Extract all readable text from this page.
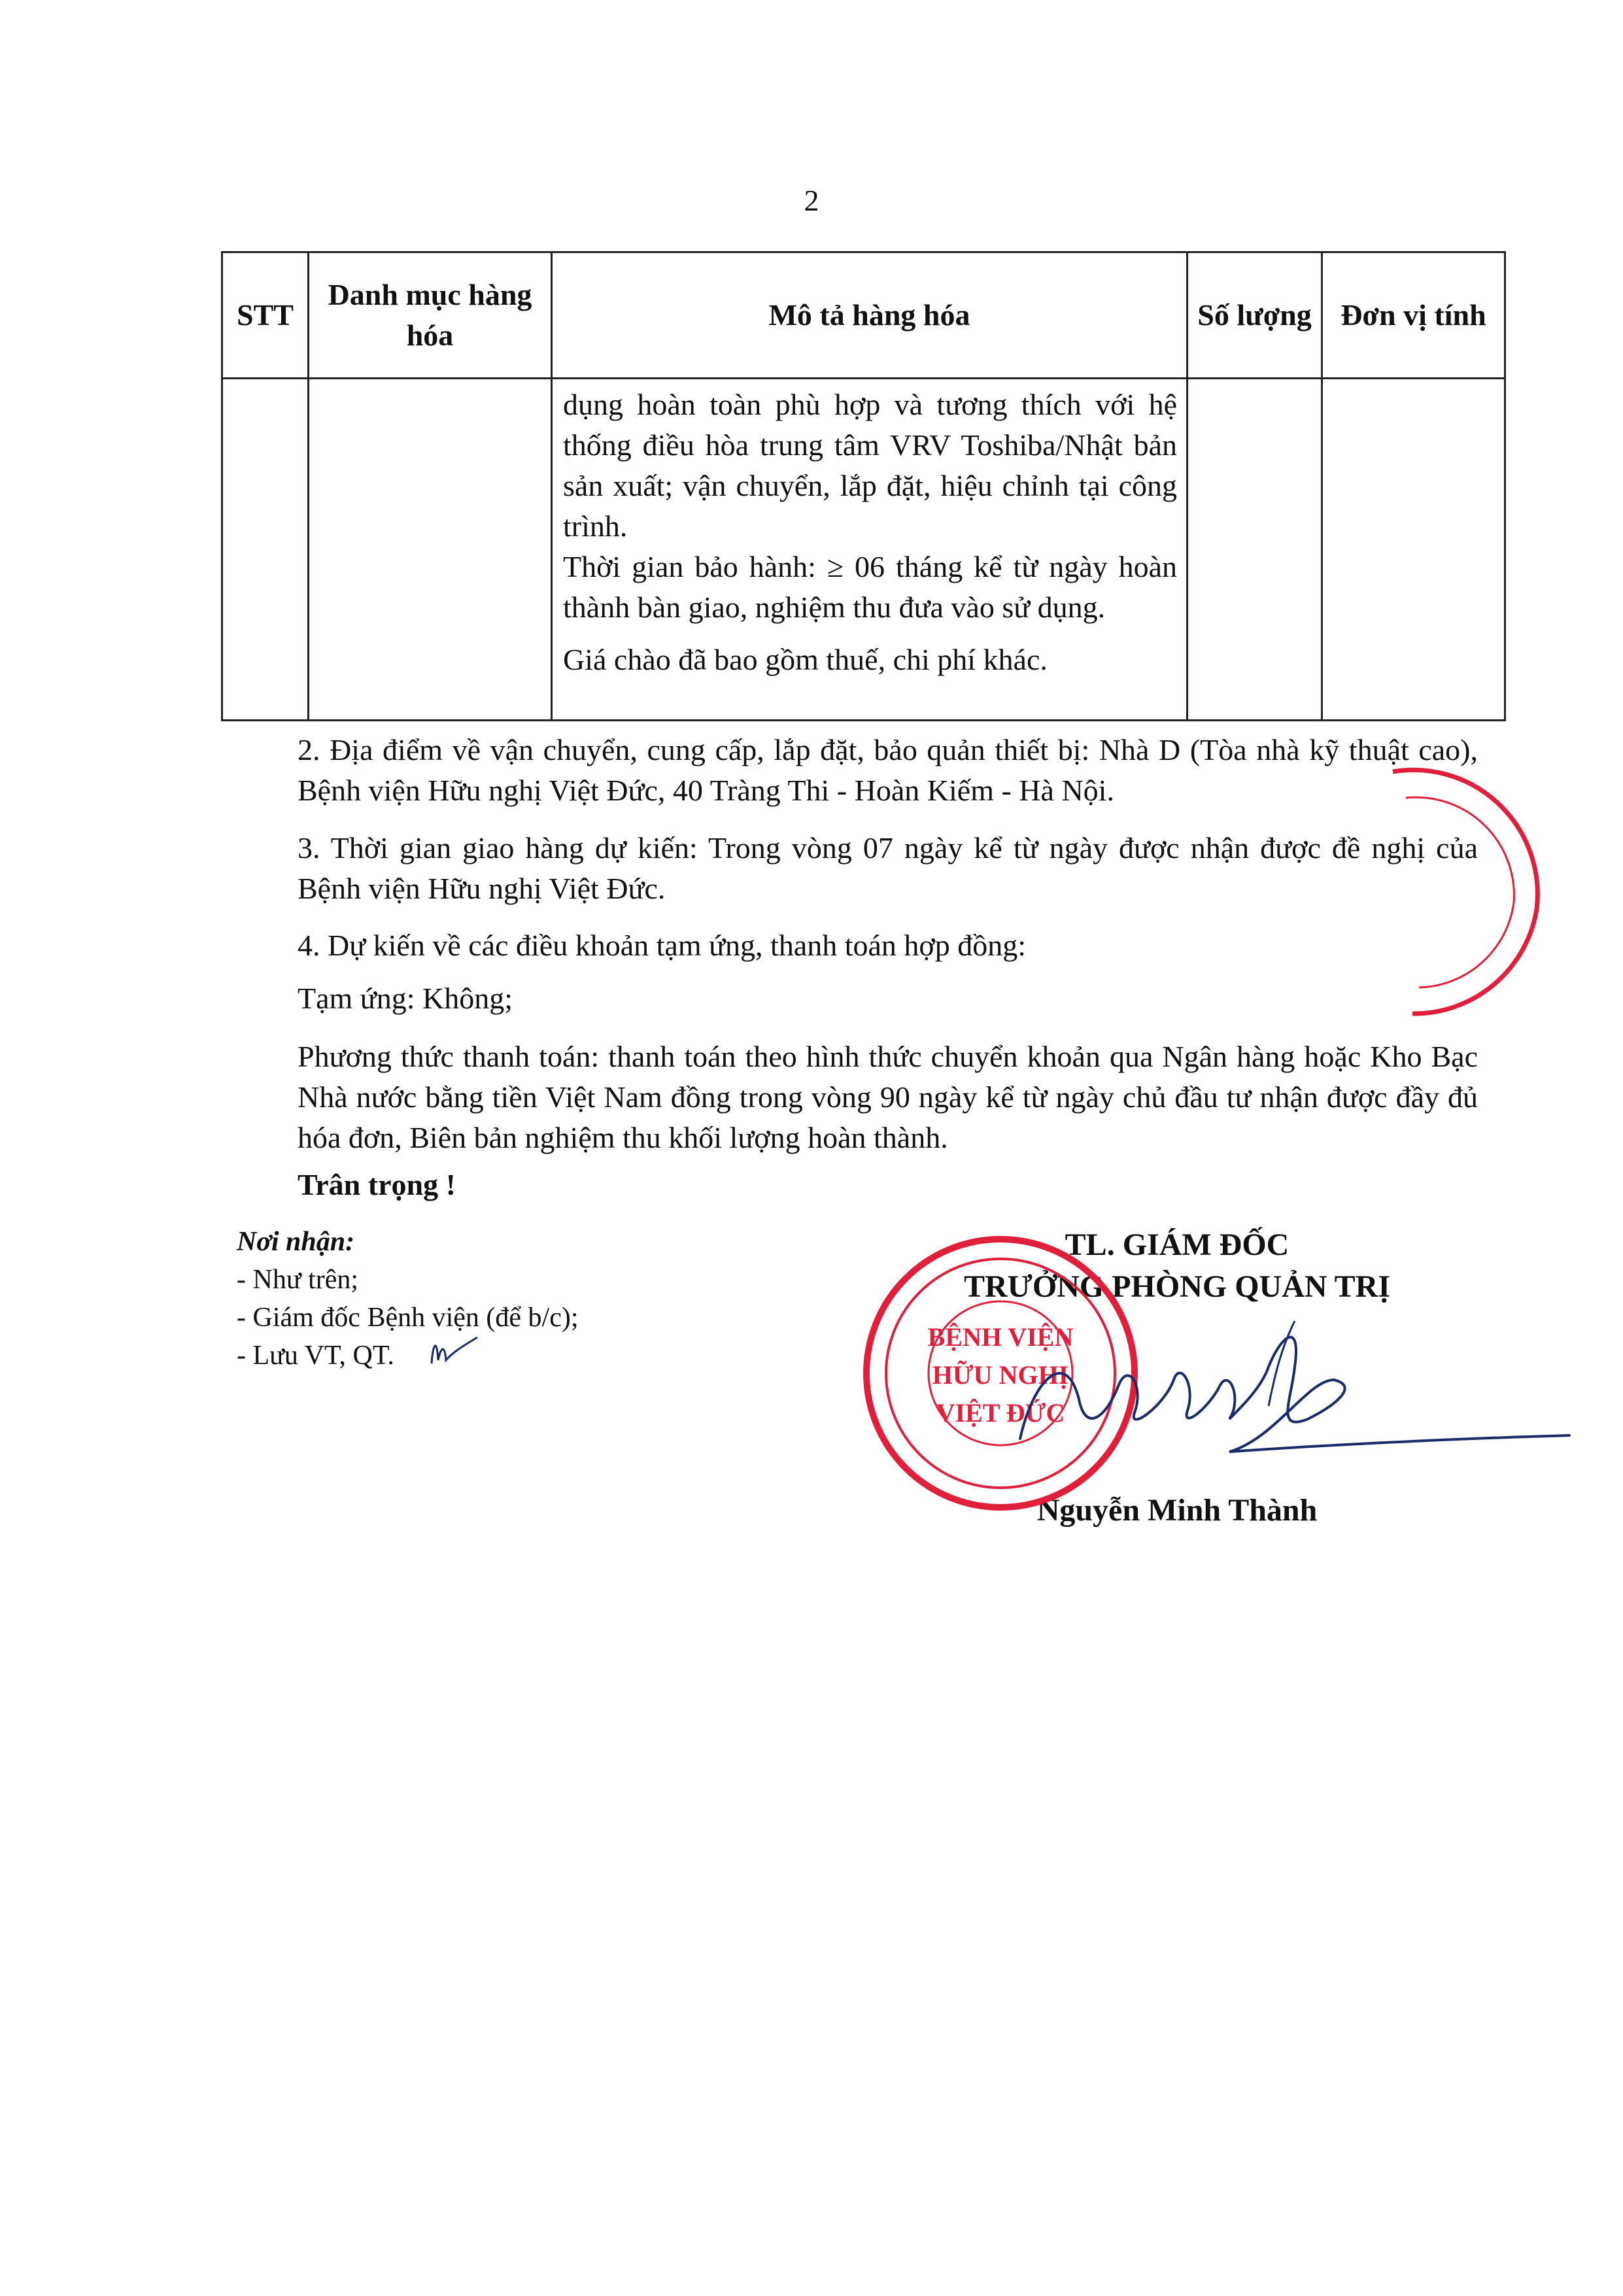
2
STT	Danh mục hàng hóa	Mô tả hàng hóa	Số lượng	Đơn vị tính

		dụng hoàn toàn phù hợp và tương thích với hệ thống điều hòa trung tâm VRV Toshiba/Nhật bản sản xuất; vận chuyển, lắp đặt, hiệu chỉnh tại công trình.

Thời gian bảo hành: ≥ 06 tháng kể từ ngày hoàn thành bàn giao, nghiệm thu đưa vào sử dụng.

Giá chào đã bao gồm thuế, chi phí khác.		

2. Địa điểm về vận chuyển, cung cấp, lắp đặt, bảo quản thiết bị: Nhà D (Tòa nhà kỹ thuật cao), Bệnh viện Hữu nghị Việt Đức, 40 Tràng Thi - Hoàn Kiếm - Hà Nội.
3. Thời gian giao hàng dự kiến: Trong vòng 07 ngày kể từ ngày được nhận được đề nghị của Bệnh viện Hữu nghị Việt Đức.
4. Dự kiến về các điều khoản tạm ứng, thanh toán hợp đồng:
Tạm ứng: Không;
Phương thức thanh toán: thanh toán theo hình thức chuyển khoản qua Ngân hàng hoặc Kho Bạc Nhà nước bằng tiền Việt Nam đồng trong vòng 90 ngày kể từ ngày chủ đầu tư nhận được đầy đủ hóa đơn, Biên bản nghiệm thu khối lượng hoàn thành.
Trân trọng !
Nơi nhận:
- Như trên;
- Giám đốc Bệnh viện (để b/c);
- Lưu VT, QT.
TL. GIÁM ĐỐC
TRƯỞNG PHÒNG QUẢN TRỊ
Nguyễn Minh Thành
BỆNH VIỆN
HỮU NGHỊ
VIỆT ĐỨC
